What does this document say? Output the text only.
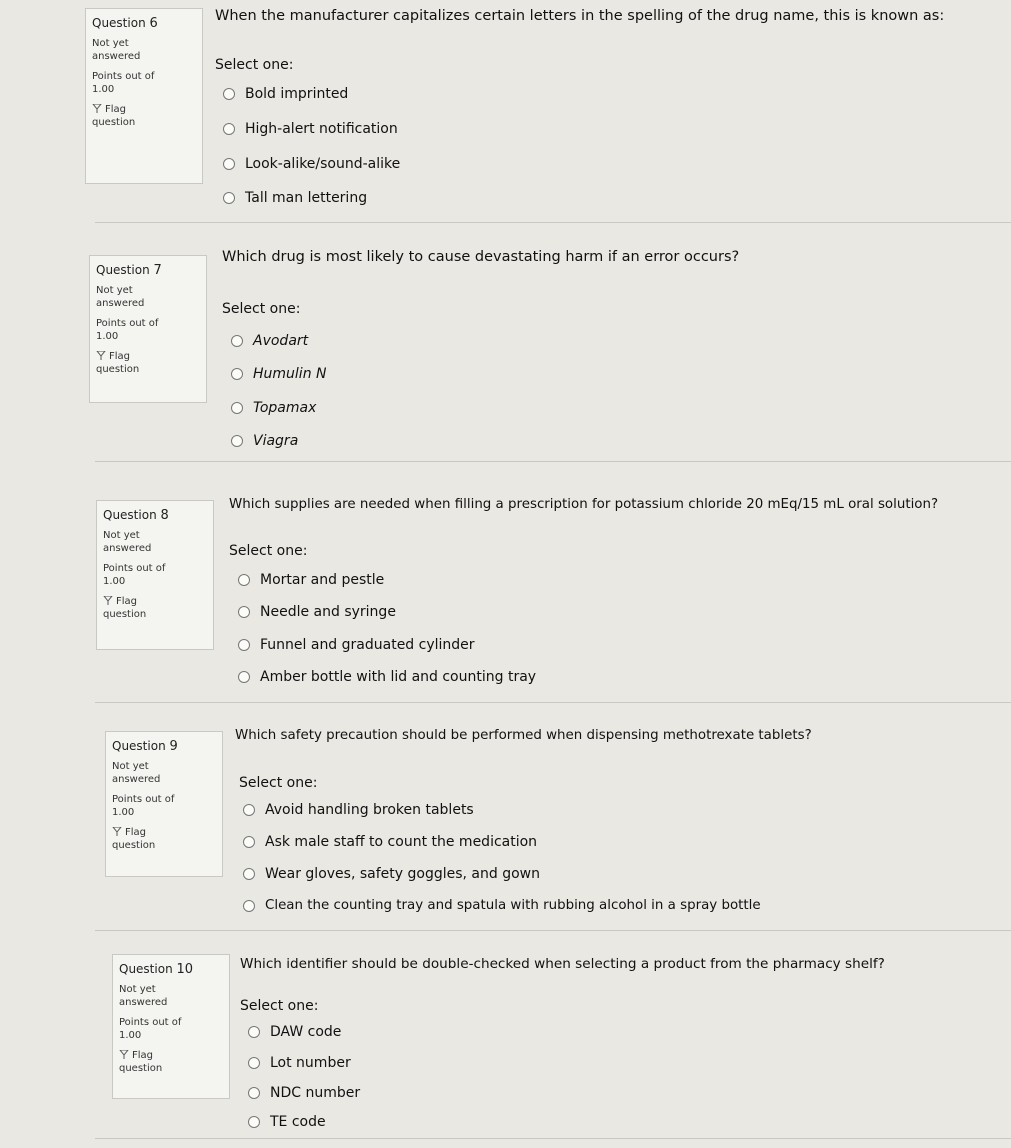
Question 6
Not yet
answered
Points out of
1.00
Flag
question
When the manufacturer capitalizes certain letters in the spelling of the drug name, this is known as:
Select one:
Bold imprinted
High-alert notification
Look-alike/sound-alike
Tall man lettering
Question 7
Not yet
answered
Points out of
1.00
Flag
question
Which drug is most likely to cause devastating harm if an error occurs?
Select one:
Avodart
Humulin N
Topamax
Viagra
Question 8
Not yet
answered
Points out of
1.00
Flag
question
Which supplies are needed when filling a prescription for potassium chloride 20 mEq/15 mL oral solution?
Select one:
Mortar and pestle
Needle and syringe
Funnel and graduated cylinder
Amber bottle with lid and counting tray
Question 9
Not yet
answered
Points out of
1.00
Flag
question
Which safety precaution should be performed when dispensing methotrexate tablets?
Select one:
Avoid handling broken tablets
Ask male staff to count the medication
Wear gloves, safety goggles, and gown
Clean the counting tray and spatula with rubbing alcohol in a spray bottle
Question 10
Not yet
answered
Points out of
1.00
Flag
question
Which identifier should be double-checked when selecting a product from the pharmacy shelf?
Select one:
DAW code
Lot number
NDC number
TE code
